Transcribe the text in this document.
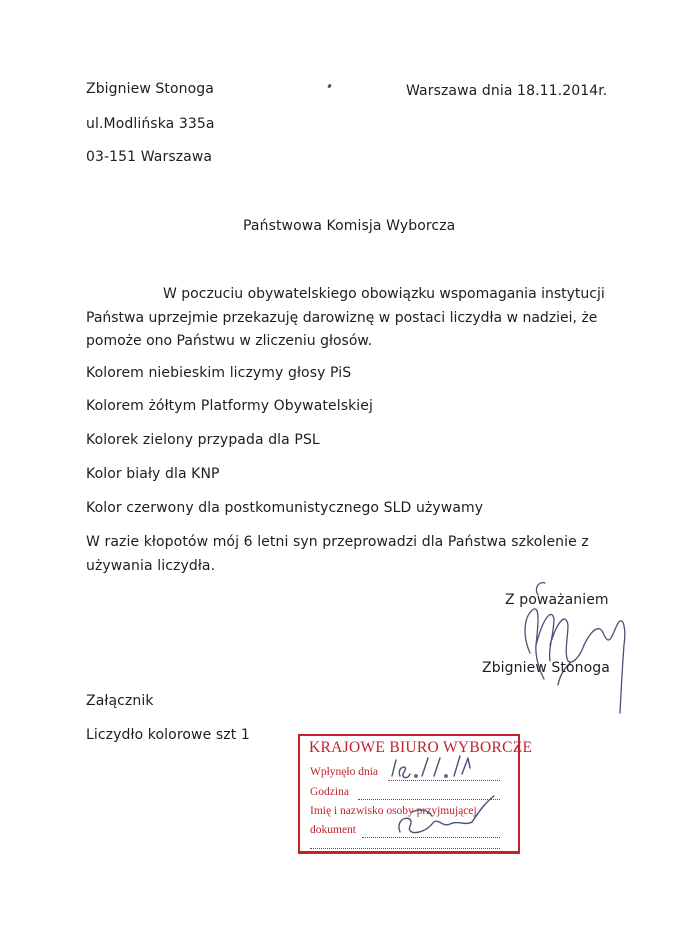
Zbigniew Stonoga
ul.Modlińska 335a
03-151 Warszawa
Warszawa dnia 18.11.2014r.
Państwowa Komisja Wyborcza
W poczuciu obywatelskiego obowiązku wspomagania instytucji
Państwa uprzejmie przekazuję darowiznę w postaci liczydła w nadziei, że
pomoże ono Państwu w zliczeniu głosów.
Kolorem niebieskim liczymy głosy PiS
Kolorem żółtym Platformy Obywatelskiej
Kolorek zielony przypada dla PSL
Kolor biały dla KNP
Kolor czerwony dla postkomunistycznego SLD używamy
W razie kłopotów mój 6 letni syn przeprowadzi dla Państwa szkolenie z
używania liczydła.
Z poważaniem
Zbigniew Stonoga
Załącznik
Liczydło kolorowe szt 1
KRAJOWE BIURO WYBORCZE
Wpłynęło dnia
Godzina
Imię i nazwisko osoby przyjmującej
dokument
